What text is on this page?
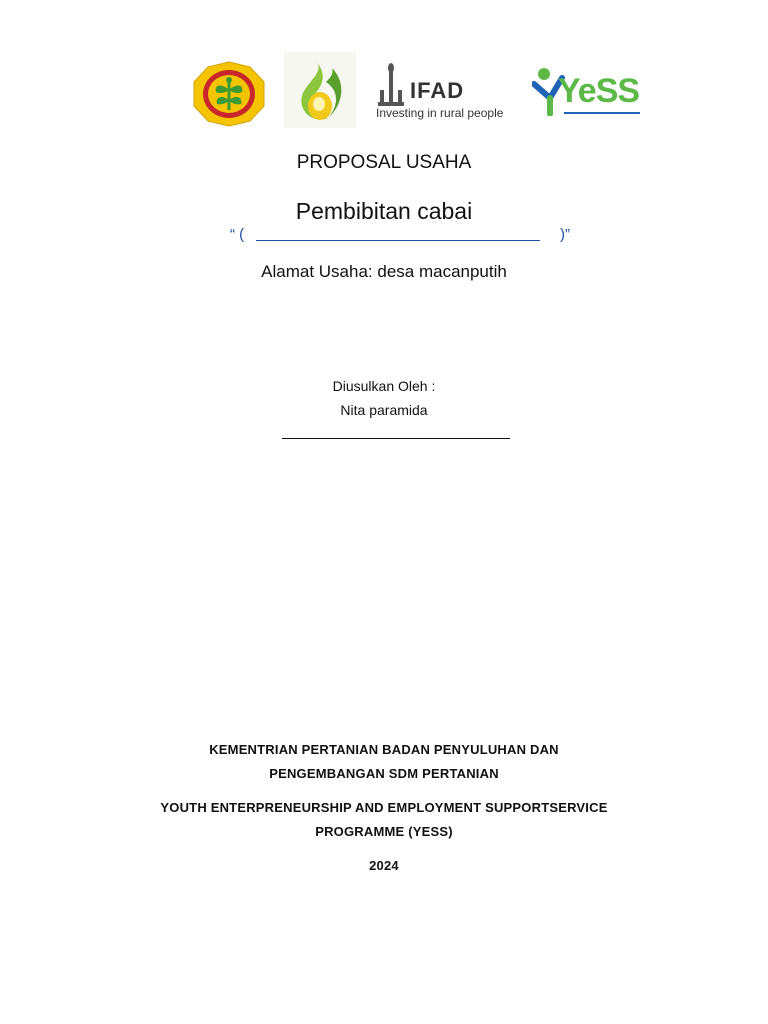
IFAD
Investing in rural people
YeSS
PROPOSAL USAHA
Pembibitan cabai
“ (	)”
Alamat Usaha: desa macanputih
Diusulkan Oleh :
Nita paramida
KEMENTRIAN PERTANIAN BADAN PENYULUHAN DAN
PENGEMBANGAN SDM PERTANIAN
YOUTH ENTERPRENEURSHIP AND EMPLOYMENT SUPPORTSERVICE
PROGRAMME (YESS)
2024
